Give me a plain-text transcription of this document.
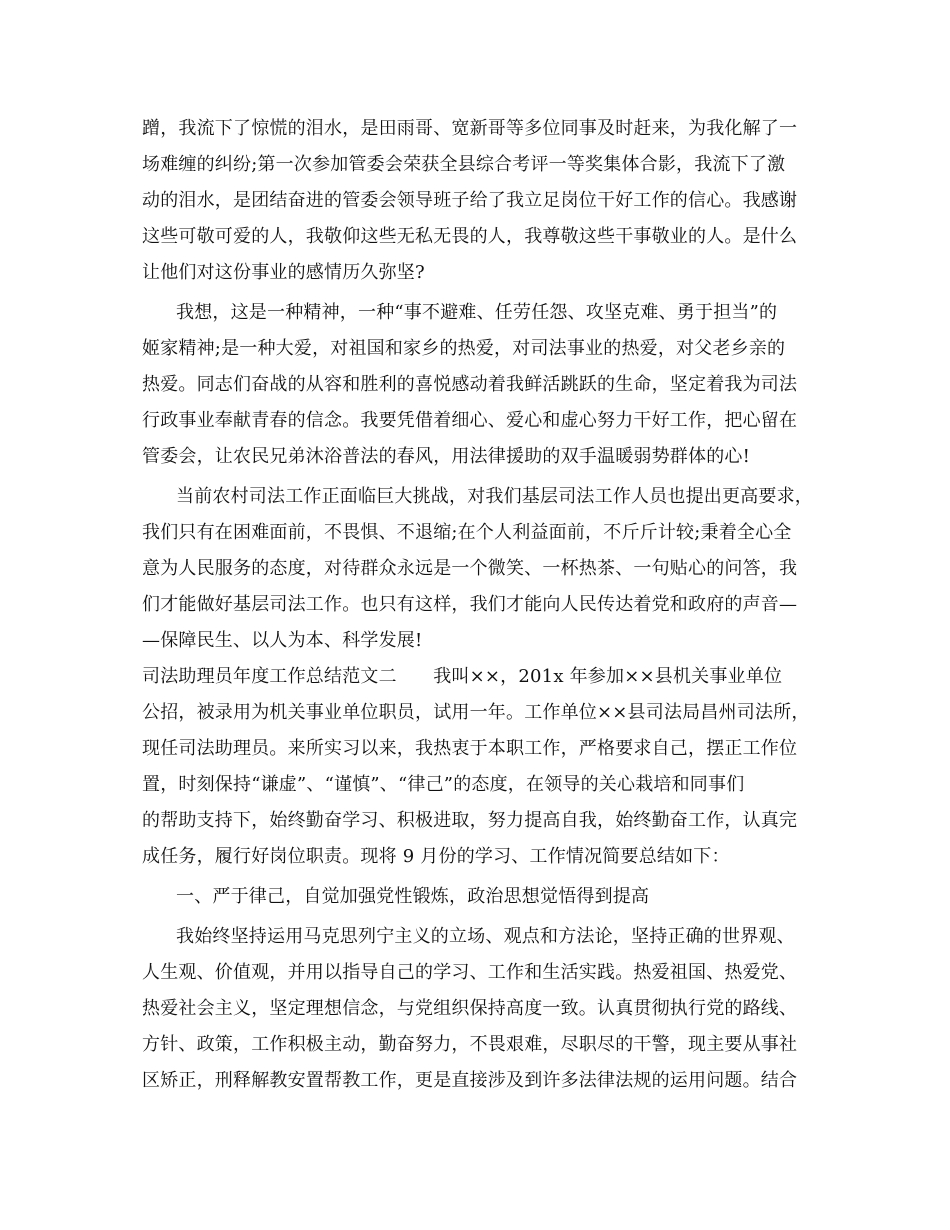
蹭，我流下了惊慌的泪水，是田雨哥、宽新哥等多位同事及时赶来，为我化解了一
场难缠的纠纷;第一次参加管委会荣获全县综合考评一等奖集体合影，我流下了激
动的泪水，是团结奋进的管委会领导班子给了我立足岗位干好工作的信心。我感谢
这些可敬可爱的人，我敬仰这些无私无畏的人，我尊敬这些干事敬业的人。是什么
让他们对这份事业的感情历久弥坚?
我想，这是一种精神，一种“事不避难、任劳任怨、攻坚克难、勇于担当”的
姬家精神;是一种大爱，对祖国和家乡的热爱，对司法事业的热爱，对父老乡亲的
热爱。同志们奋战的从容和胜利的喜悦感动着我鲜活跳跃的生命，坚定着我为司法
行政事业奉献青春的信念。我要凭借着细心、爱心和虚心努力干好工作，把心留在
管委会，让农民兄弟沐浴普法的春风，用法律援助的双手温暖弱势群体的心!
当前农村司法工作正面临巨大挑战，对我们基层司法工作人员也提出更高要求，
我们只有在困难面前，不畏惧、不退缩;在个人利益面前，不斤斤计较;秉着全心全
意为人民服务的态度，对待群众永远是一个微笑、一杯热茶、一句贴心的问答，我
们才能做好基层司法工作。也只有这样，我们才能向人民传达着党和政府的声音—
—保障民生、以人为本、科学发展!
司法助理员年度工作总结范文二　　我叫××，201x 年参加××县机关事业单位
公招，被录用为机关事业单位职员，试用一年。工作单位××县司法局昌州司法所，
现任司法助理员。来所实习以来，我热衷于本职工作，严格要求自己，摆正工作位
置，时刻保持“谦虚”、“谨慎”、“律己”的态度，在领导的关心栽培和同事们
的帮助支持下，始终勤奋学习、积极进取，努力提高自我，始终勤奋工作，认真完
成任务，履行好岗位职责。现将 9 月份的学习、工作情况简要总结如下：
一、严于律己，自觉加强党性锻炼，政治思想觉悟得到提高
我始终坚持运用马克思列宁主义的立场、观点和方法论，坚持正确的世界观、
人生观、价值观，并用以指导自己的学习、工作和生活实践。热爱祖国、热爱党、
热爱社会主义，坚定理想信念，与党组织保持高度一致。认真贯彻执行党的路线、
方针、政策，工作积极主动，勤奋努力，不畏艰难，尽职尽的干警，现主要从事社
区矫正，刑释解教安置帮教工作，更是直接涉及到许多法律法规的运用问题。结合
